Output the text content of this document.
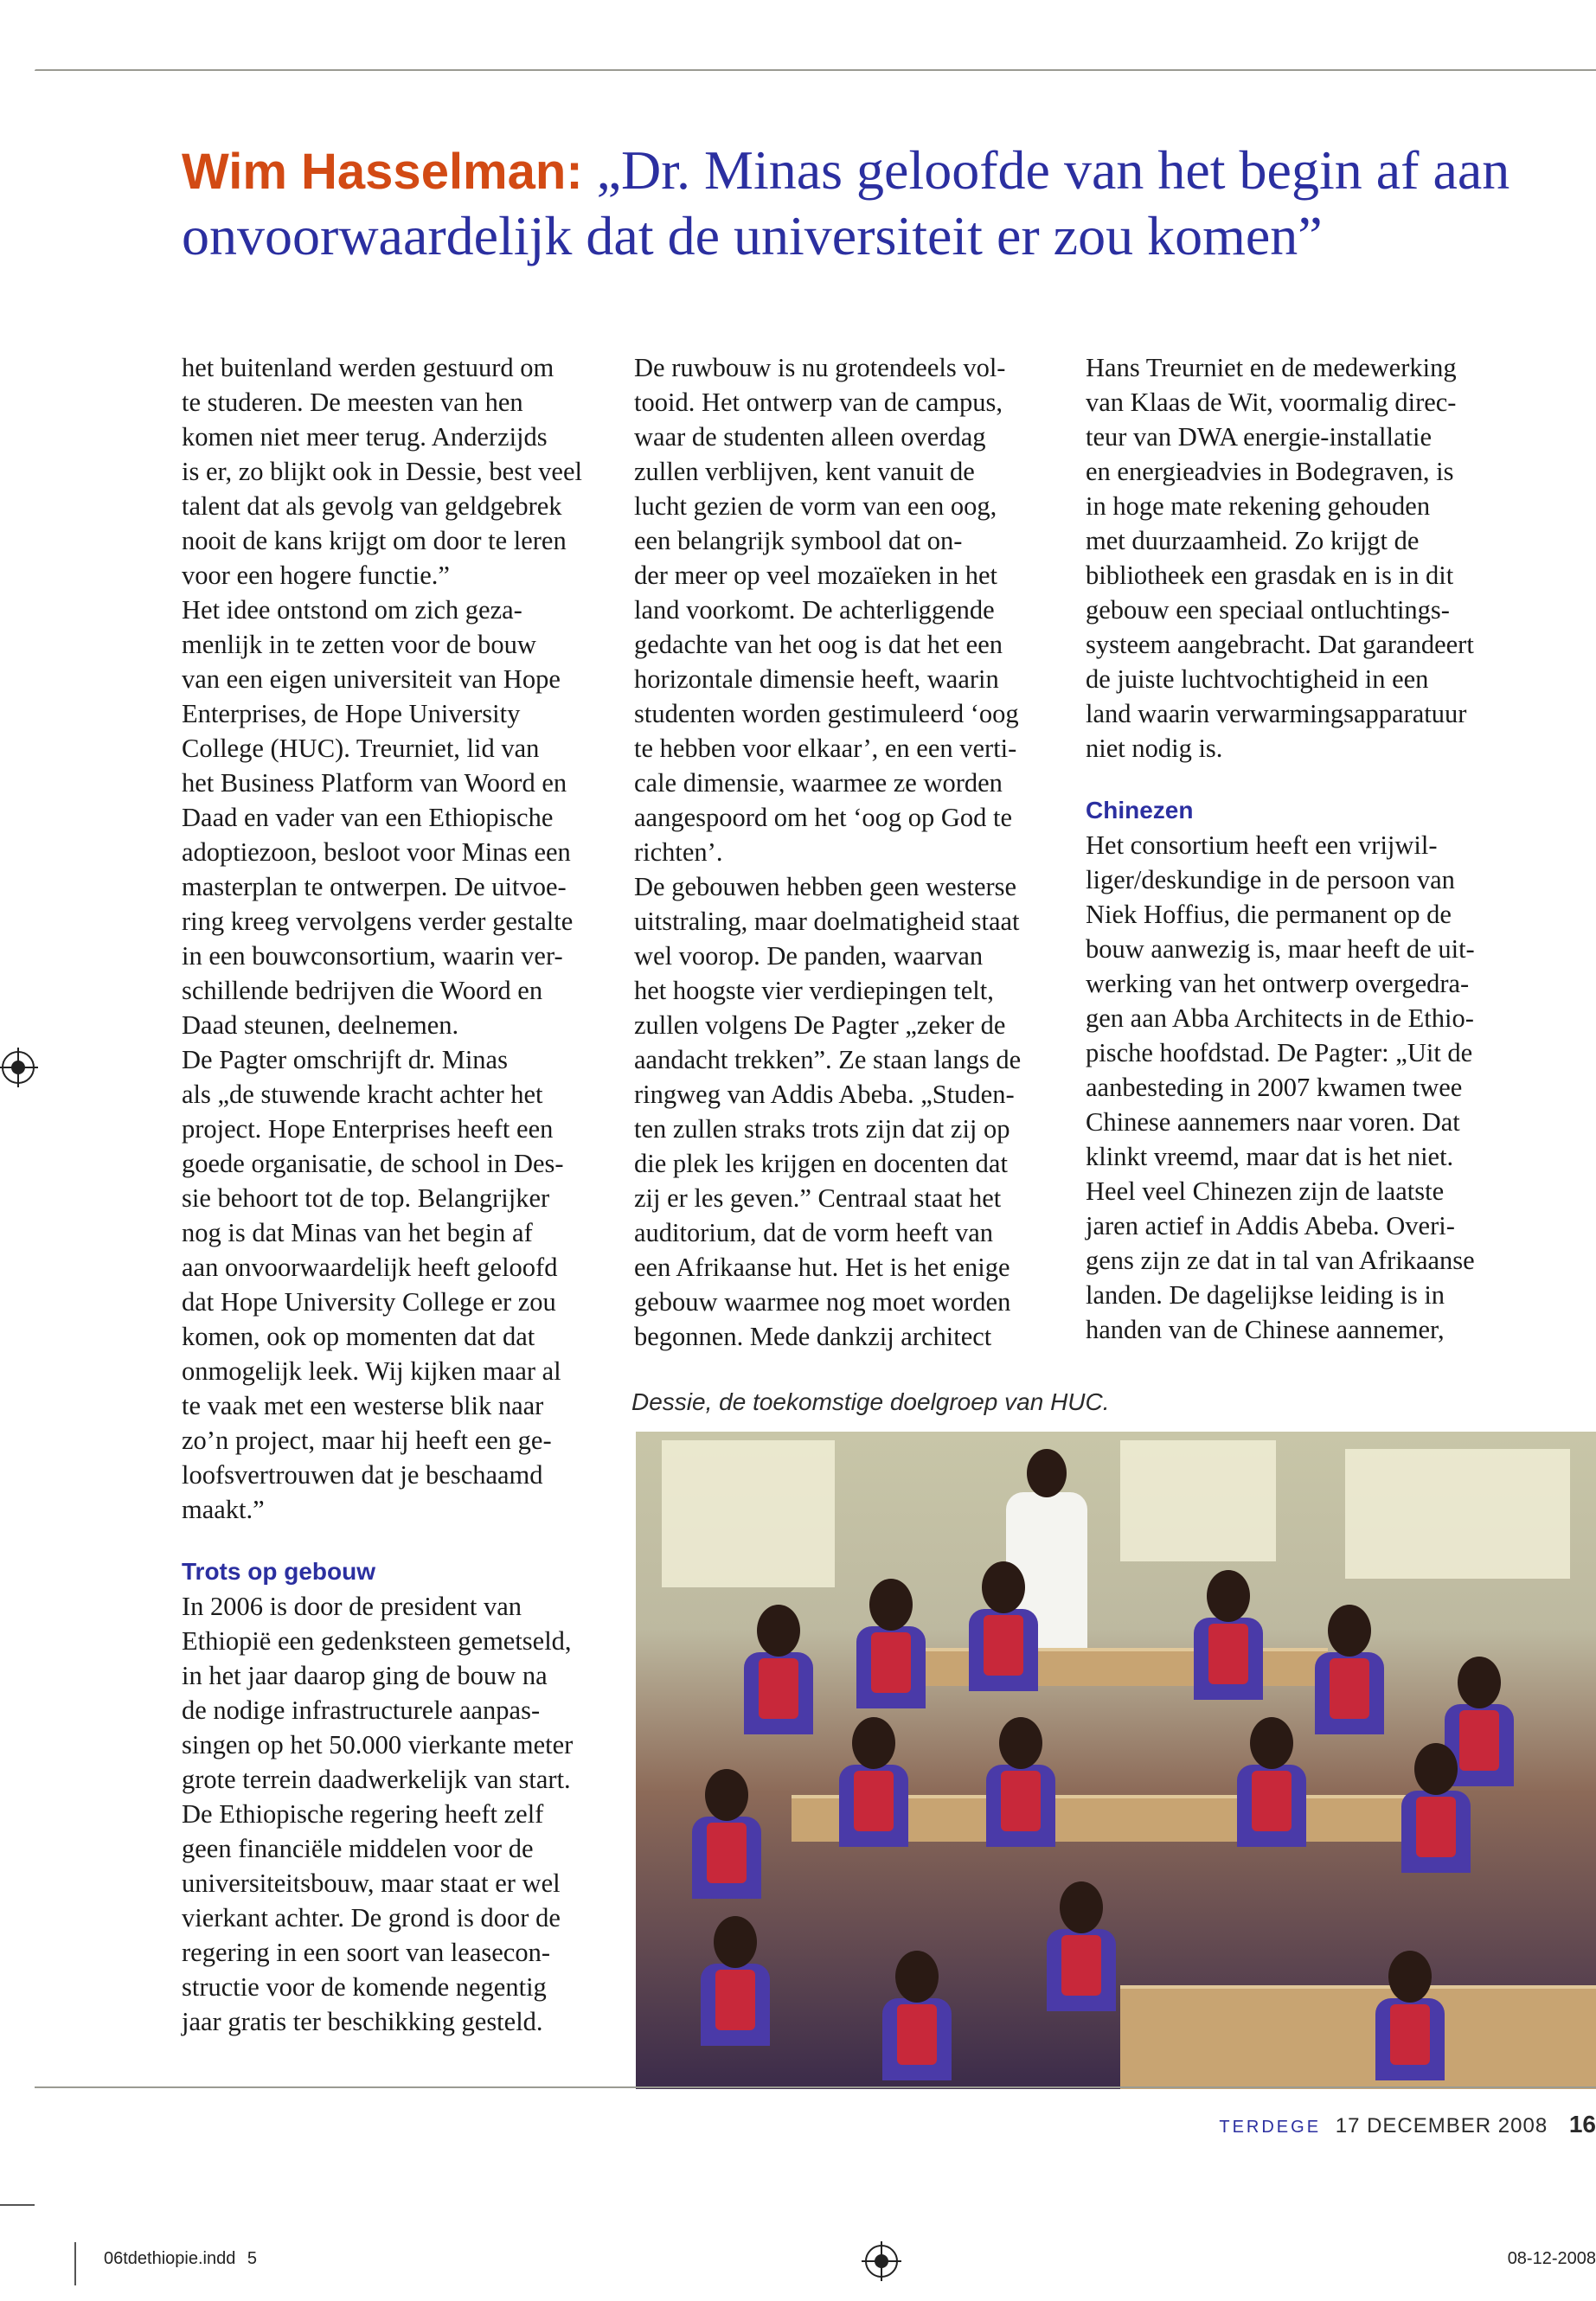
Wim Hasselman: „Dr. Minas geloofde van het begin af aan
onvoorwaardelijk dat de universiteit er zou komen”
het buitenland werden gestuurd om
te studeren. De meesten van hen
komen niet meer terug. Anderzijds
is er, zo blijkt ook in Dessie, best veel
talent dat als gevolg van geldgebrek
nooit de kans krijgt om door te leren
voor een hogere functie.”
Het idee ontstond om zich geza-
menlijk in te zetten voor de bouw
van een eigen universiteit van Hope
Enterprises, de Hope University
College (HUC). Treurniet, lid van
het Business Platform van Woord en
Daad en vader van een Ethiopische
adoptiezoon, besloot voor Minas een
masterplan te ontwerpen. De uitvoe-
ring kreeg vervolgens verder gestalte
in een bouwconsortium, waarin ver-
schillende bedrijven die Woord en
Daad steunen, deelnemen.
De Pagter omschrijft dr. Minas
als „de stuwende kracht achter het
project. Hope Enterprises heeft een
goede organisatie, de school in Des-
sie behoort tot de top. Belangrijker
nog is dat Minas van het begin af
aan onvoorwaardelijk heeft geloofd
dat Hope University College er zou
komen, ook op momenten dat dat
onmogelijk leek. Wij kijken maar al
te vaak met een westerse blik naar
zo’n project, maar hij heeft een ge-
loofsvertrouwen dat je beschaamd
maakt.”
Trots op gebouw
In 2006 is door de president van
Ethiopië een gedenksteen gemetseld,
in het jaar daarop ging de bouw na
de nodige infrastructurele aanpas-
singen op het 50.000 vierkante meter
grote terrein daadwerkelijk van start.
De Ethiopische regering heeft zelf
geen financiële middelen voor de
universiteitsbouw, maar staat er wel
vierkant achter. De grond is door de
regering in een soort van leasecon-
structie voor de komende negentig
jaar gratis ter beschikking gesteld.
De ruwbouw is nu grotendeels vol-
tooid. Het ontwerp van de campus,
waar de studenten alleen overdag
zullen verblijven, kent vanuit de
lucht gezien de vorm van een oog,
een belangrijk symbool dat on-
der meer op veel mozaïeken in het
land voorkomt. De achterliggende
gedachte van het oog is dat het een
horizontale dimensie heeft, waarin
studenten worden gestimuleerd ‘oog
te hebben voor elkaar’, en een verti-
cale dimensie, waarmee ze worden
aangespoord om het ‘oog op God te
richten’.
De gebouwen hebben geen westerse
uitstraling, maar doelmatigheid staat
wel voorop. De panden, waarvan
het hoogste vier verdiepingen telt,
zullen volgens De Pagter „zeker de
aandacht trekken”. Ze staan langs de
ringweg van Addis Abeba. „Studen-
ten zullen straks trots zijn dat zij op
die plek les krijgen en docenten dat
zij er les geven.” Centraal staat het
auditorium, dat de vorm heeft van
een Afrikaanse hut. Het is het enige
gebouw waarmee nog moet worden
begonnen. Mede dankzij architect
Hans Treurniet en de medewerking
van Klaas de Wit, voormalig direc-
teur van DWA energie-installatie
en energieadvies in Bodegraven, is
in hoge mate rekening gehouden
met duurzaamheid. Zo krijgt de
bibliotheek een grasdak en is in dit
gebouw een speciaal ontluchtings-
systeem aangebracht. Dat garandeert
de juiste luchtvochtigheid in een
land waarin verwarmingsapparatuur
niet nodig is.
Chinezen
Het consortium heeft een vrijwil-
liger/deskundige in de persoon van
Niek Hoffius, die permanent op de
bouw aanwezig is, maar heeft de uit-
werking van het ontwerp overgedra-
gen aan Abba Architects in de Ethio-
pische hoofdstad. De Pagter: „Uit de
aanbesteding in 2007 kwamen twee
Chinese aannemers naar voren. Dat
klinkt vreemd, maar dat is het niet.
Heel veel Chinezen zijn de laatste
jaren actief in Addis Abeba. Overi-
gens zijn ze dat in tal van Afrikaanse
landen. De dagelijkse leiding is in
handen van de Chinese aannemer,
Dessie, de toekomstige doelgroep van HUC.
TERDEGE 17 DECEMBER 2008 16
06tdethiopie.indd 5	08-12-2008
